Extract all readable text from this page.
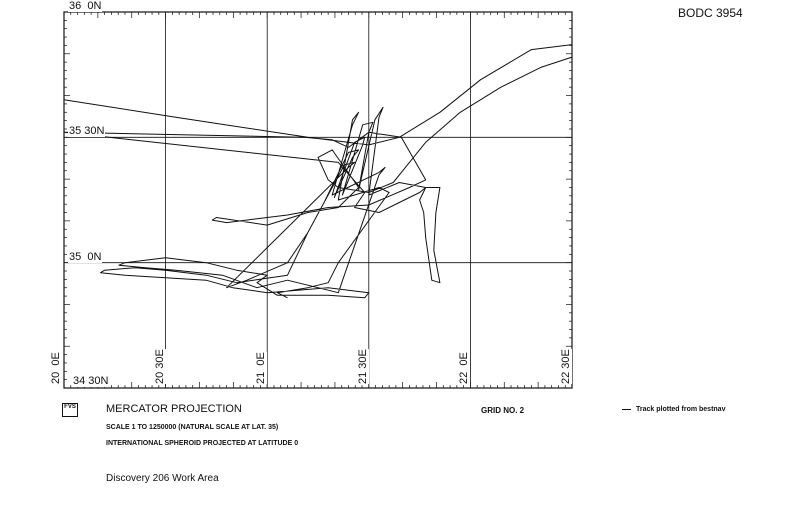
BODC 3954
36  0N
35 30N
35  0N
34 30N
20  0E	20 30E	21  0E	21 30E	22  0E	22 30E
FVS	MERCATOR PROJECTION
SCALE 1 TO 1250000 (NATURAL SCALE AT LAT. 35)
INTERNATIONAL SPHEROID PROJECTED AT LATITUDE 0
GRID NO. 2	Track plotted from bestnav
Discovery 206 Work Area
